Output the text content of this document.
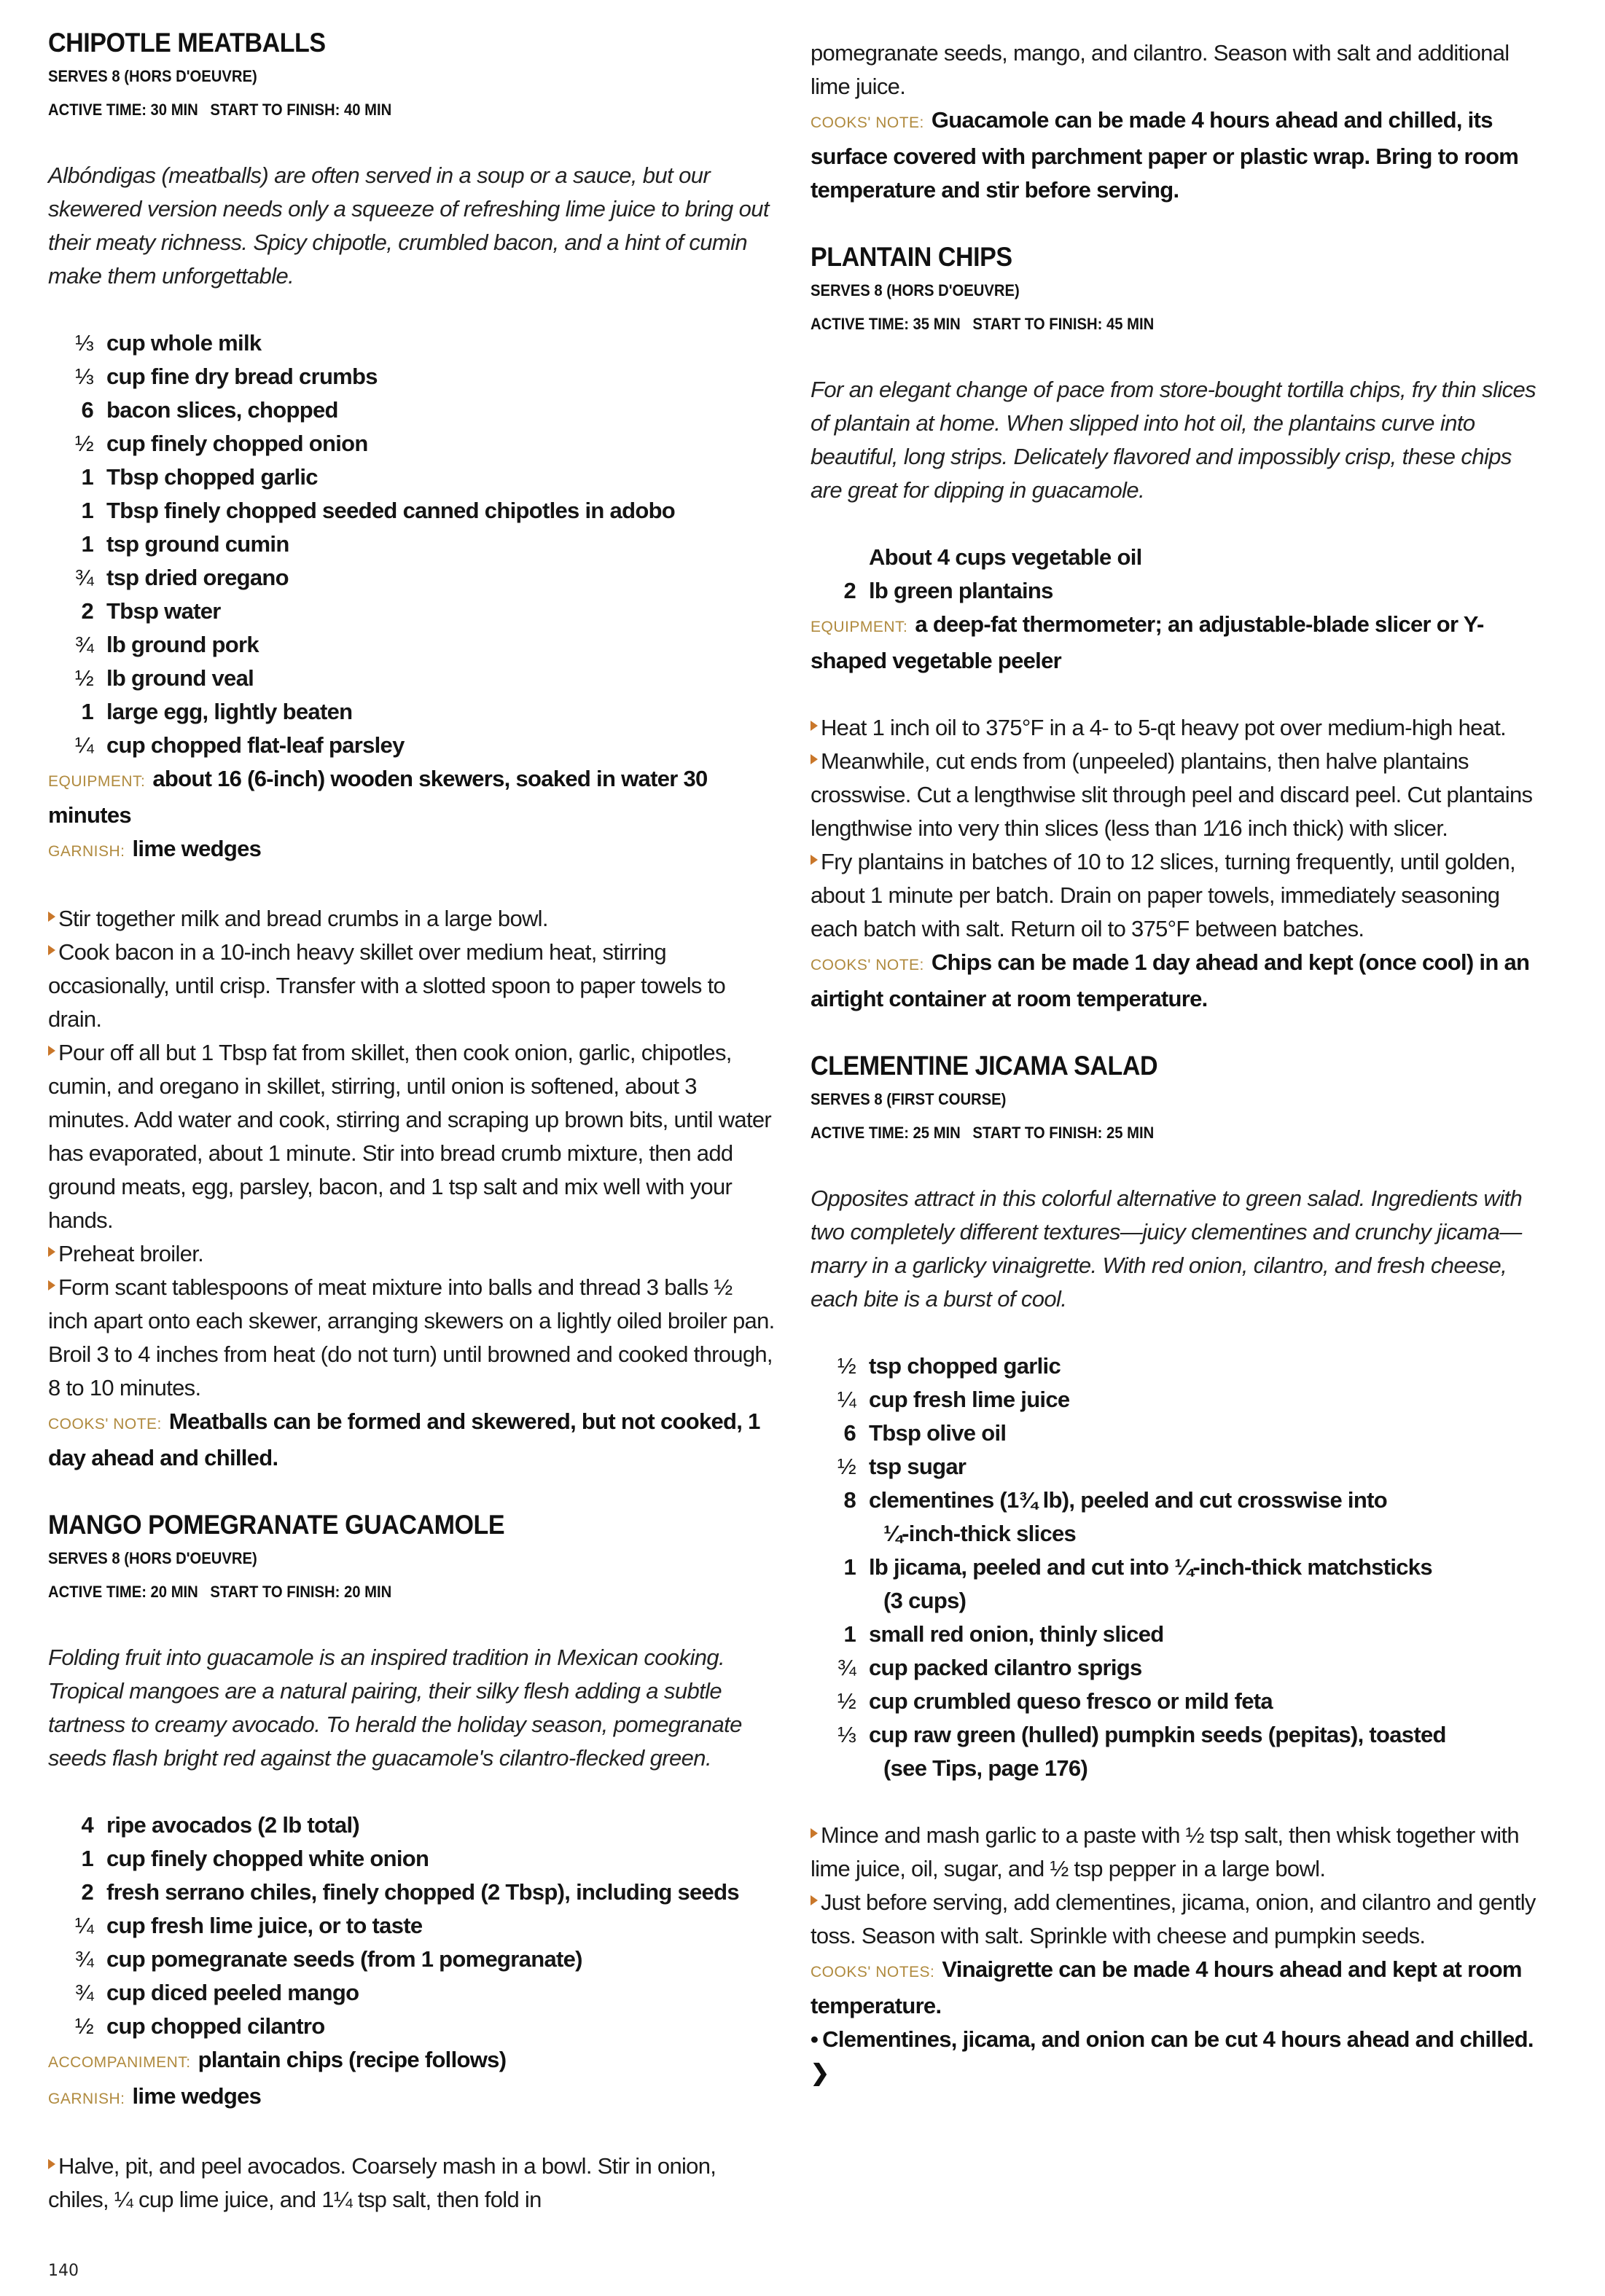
CHIPOTLE MEATBALLS
SERVES 8 (HORS D'OEUVRE)
ACTIVE TIME: 30 MIN START TO FINISH: 40 MIN

Albóndigas (meatballs) are often served in a soup or a sauce, but our skewered version needs only a squeeze of refreshing lime juice to bring out their meaty richness. Spicy chipotle, crumbled bacon, and a hint of cumin make them unforgettable.

⅓ cup whole milk
⅓ cup fine dry bread crumbs
6 bacon slices, chopped
½ cup finely chopped onion
1 Tbsp chopped garlic
1 Tbsp finely chopped seeded canned chipotles in adobo
1 tsp ground cumin
¾ tsp dried oregano
2 Tbsp water
¾ lb ground pork
½ lb ground veal
1 large egg, lightly beaten
¼ cup chopped flat-leaf parsley
EQUIPMENT: about 16 (6-inch) wooden skewers, soaked in water 30 minutes
GARNISH: lime wedges
Stir together milk and bread crumbs in a large bowl.
Cook bacon in a 10-inch heavy skillet over medium heat, stirring occasionally, until crisp. Transfer with a slotted spoon to paper towels to drain.
Pour off all but 1 Tbsp fat from skillet, then cook onion, garlic, chipotles, cumin, and oregano in skillet, stirring, until onion is softened, about 3 minutes. Add water and cook, stirring and scraping up brown bits, until water has evaporated, about 1 minute. Stir into bread crumb mixture, then add ground meats, egg, parsley, bacon, and 1 tsp salt and mix well with your hands.
Preheat broiler.
Form scant tablespoons of meat mixture into balls and thread 3 balls ½ inch apart onto each skewer, arranging skewers on a lightly oiled broiler pan. Broil 3 to 4 inches from heat (do not turn) until browned and cooked through, 8 to 10 minutes.
COOKS' NOTE: Meatballs can be formed and skewered, but not cooked, 1 day ahead and chilled.
MANGO POMEGRANATE GUACAMOLE
SERVES 8 (HORS D'OEUVRE)
ACTIVE TIME: 20 MIN START TO FINISH: 20 MIN

Folding fruit into guacamole is an inspired tradition in Mexican cooking. Tropical mangoes are a natural pairing, their silky flesh adding a subtle tartness to creamy avocado. To herald the holiday season, pomegranate seeds flash bright red against the guacamole's cilantro-flecked green.

4 ripe avocados (2 lb total)
1 cup finely chopped white onion
2 fresh serrano chiles, finely chopped (2 Tbsp), including seeds
¼ cup fresh lime juice, or to taste
¾ cup pomegranate seeds (from 1 pomegranate)
¾ cup diced peeled mango
½ cup chopped cilantro
ACCOMPANIMENT: plantain chips (recipe follows)
GARNISH: lime wedges
Halve, pit, and peel avocados. Coarsely mash in a bowl. Stir in onion, chiles, ¼ cup lime juice, and 1¼ tsp salt, then fold in
140
pomegranate seeds, mango, and cilantro. Season with salt and additional lime juice.
COOKS' NOTE: Guacamole can be made 4 hours ahead and chilled, its surface covered with parchment paper or plastic wrap. Bring to room temperature and stir before serving.
PLANTAIN CHIPS
SERVES 8 (HORS D'OEUVRE)
ACTIVE TIME: 35 MIN START TO FINISH: 45 MIN

For an elegant change of pace from store-bought tortilla chips, fry thin slices of plantain at home. When slipped into hot oil, the plantains curve into beautiful, long strips. Delicately flavored and impossibly crisp, these chips are great for dipping in guacamole.

About 4 cups vegetable oil
2 lb green plantains
EQUIPMENT: a deep-fat thermometer; an adjustable-blade slicer or Y-shaped vegetable peeler
Heat 1 inch oil to 375°F in a 4- to 5-qt heavy pot over medium-high heat.
Meanwhile, cut ends from (unpeeled) plantains, then halve plantains crosswise. Cut a lengthwise slit through peel and discard peel. Cut plantains lengthwise into very thin slices (less than 1⁄16 inch thick) with slicer.
Fry plantains in batches of 10 to 12 slices, turning frequently, until golden, about 1 minute per batch. Drain on paper towels, immediately seasoning each batch with salt. Return oil to 375°F between batches.
COOKS' NOTE: Chips can be made 1 day ahead and kept (once cool) in an airtight container at room temperature.
CLEMENTINE JICAMA SALAD
SERVES 8 (FIRST COURSE)
ACTIVE TIME: 25 MIN START TO FINISH: 25 MIN

Opposites attract in this colorful alternative to green salad. Ingredients with two completely different textures—juicy clementines and crunchy jicama—marry in a garlicky vinaigrette. With red onion, cilantro, and fresh cheese, each bite is a burst of cool.

½ tsp chopped garlic
¼ cup fresh lime juice
6 Tbsp olive oil
½ tsp sugar
8 clementines (1¾ lb), peeled and cut crosswise into
¼-inch-thick slices
1 lb jicama, peeled and cut into ¼-inch-thick matchsticks
(3 cups)
1 small red onion, thinly sliced
¾ cup packed cilantro sprigs
½ cup crumbled queso fresco or mild feta
⅓ cup raw green (hulled) pumpkin seeds (pepitas), toasted
(see Tips, page 176)
Mince and mash garlic to a paste with ½ tsp salt, then whisk together with lime juice, oil, sugar, and ½ tsp pepper in a large bowl.
Just before serving, add clementines, jicama, onion, and cilantro and gently toss. Season with salt. Sprinkle with cheese and pumpkin seeds.
COOKS' NOTES: Vinaigrette can be made 4 hours ahead and kept at room temperature.
• Clementines, jicama, and onion can be cut 4 hours ahead and chilled. ❯
